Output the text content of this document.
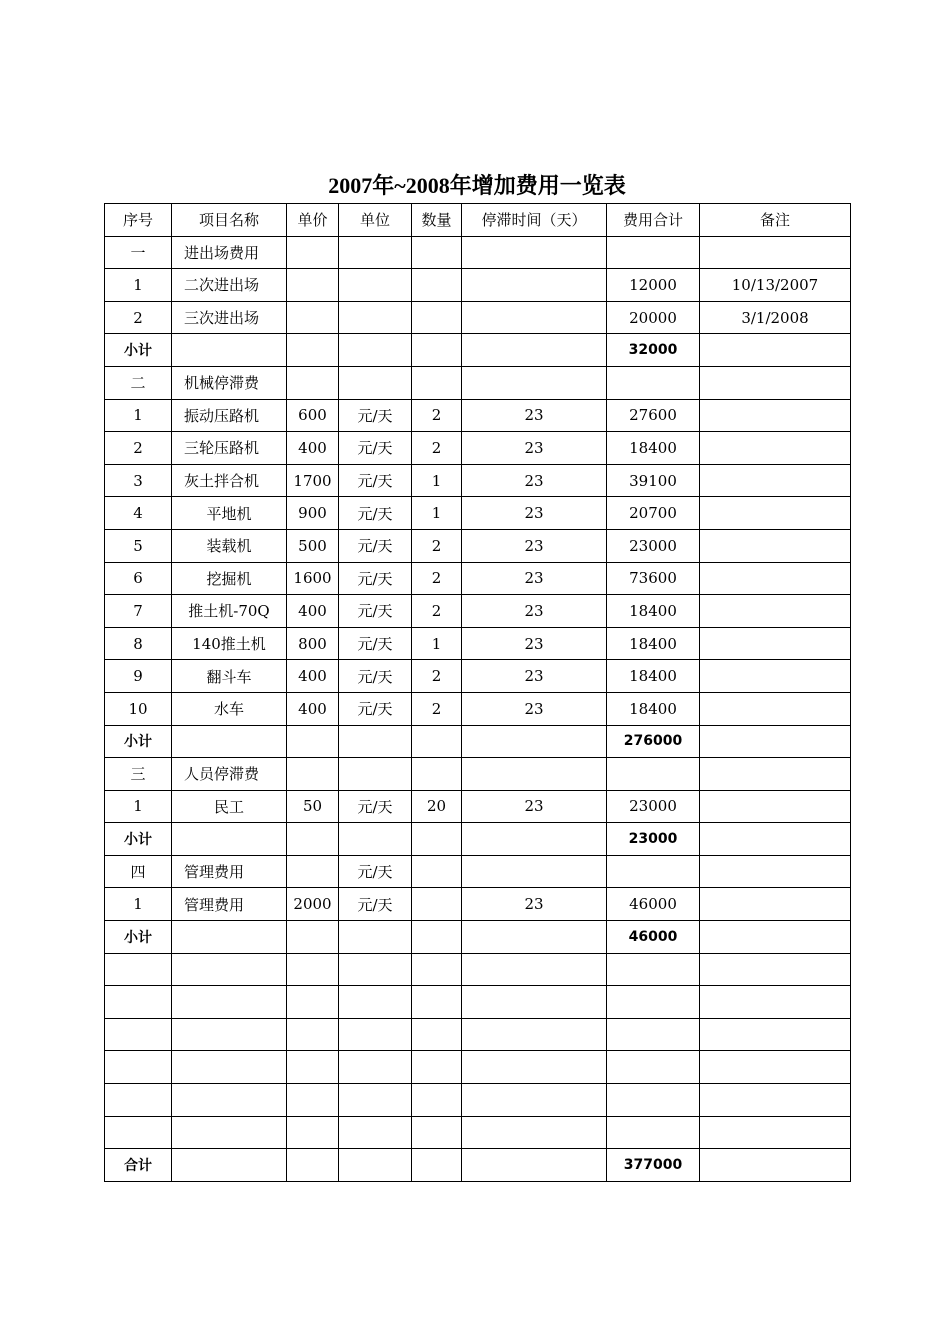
2007年~2008年增加费用一览表
序号	项目名称	单价	单位	数量	停滞时间（天）	费用合计	备注
一	进出场费用						
1	二次进出场					12000	10/13/2007
2	三次进出场					20000	3/1/2008
小计						32000	
二	机械停滞费						
1	振动压路机	600	元/天	2	23	27600	
2	三轮压路机	400	元/天	2	23	18400	
3	灰土拌合机	1700	元/天	1	23	39100	
4	平地机	900	元/天	1	23	20700	
5	装载机	500	元/天	2	23	23000	
6	挖掘机	1600	元/天	2	23	73600	
7	推土机-70Q	400	元/天	2	23	18400	
8	140推土机	800	元/天	1	23	18400	
9	翻斗车	400	元/天	2	23	18400	
10	水车	400	元/天	2	23	18400	
小计						276000	
三	人员停滞费						
1	民工	50	元/天	20	23	23000	
小计						23000	
四	管理费用		元/天				
1	管理费用	2000	元/天		23	46000	
小计						46000	

合计						377000	
